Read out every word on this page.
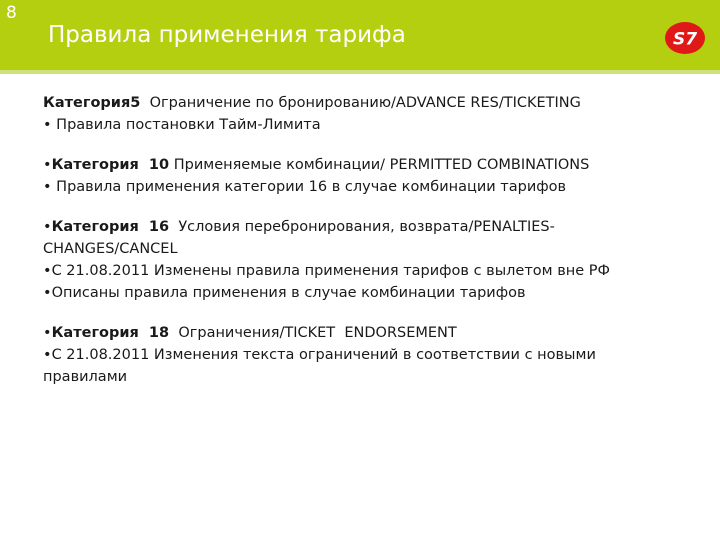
8
Правила применения тарифа	S7
Категория5  Ограничение по бронированию/ADVANCE RES/TICKETING
• Правила постановки Тайм-Лимита
•Категория  10 Применяемые комбинации/ PERMITTED COMBINATIONS
• Правила применения категории 16 в случае комбинации тарифов
•Категория  16  Условия перебронирования, возврата/PENALTIES-CHANGES/CANCEL
•С 21.08.2011 Изменены правила применения тарифов с вылетом вне РФ
•Описаны правила применения в случае комбинации тарифов
•Категория  18  Ограничения/TICKET  ENDORSEMENT
•С 21.08.2011 Изменения текста ограничений в соответствии с новыми правилами
